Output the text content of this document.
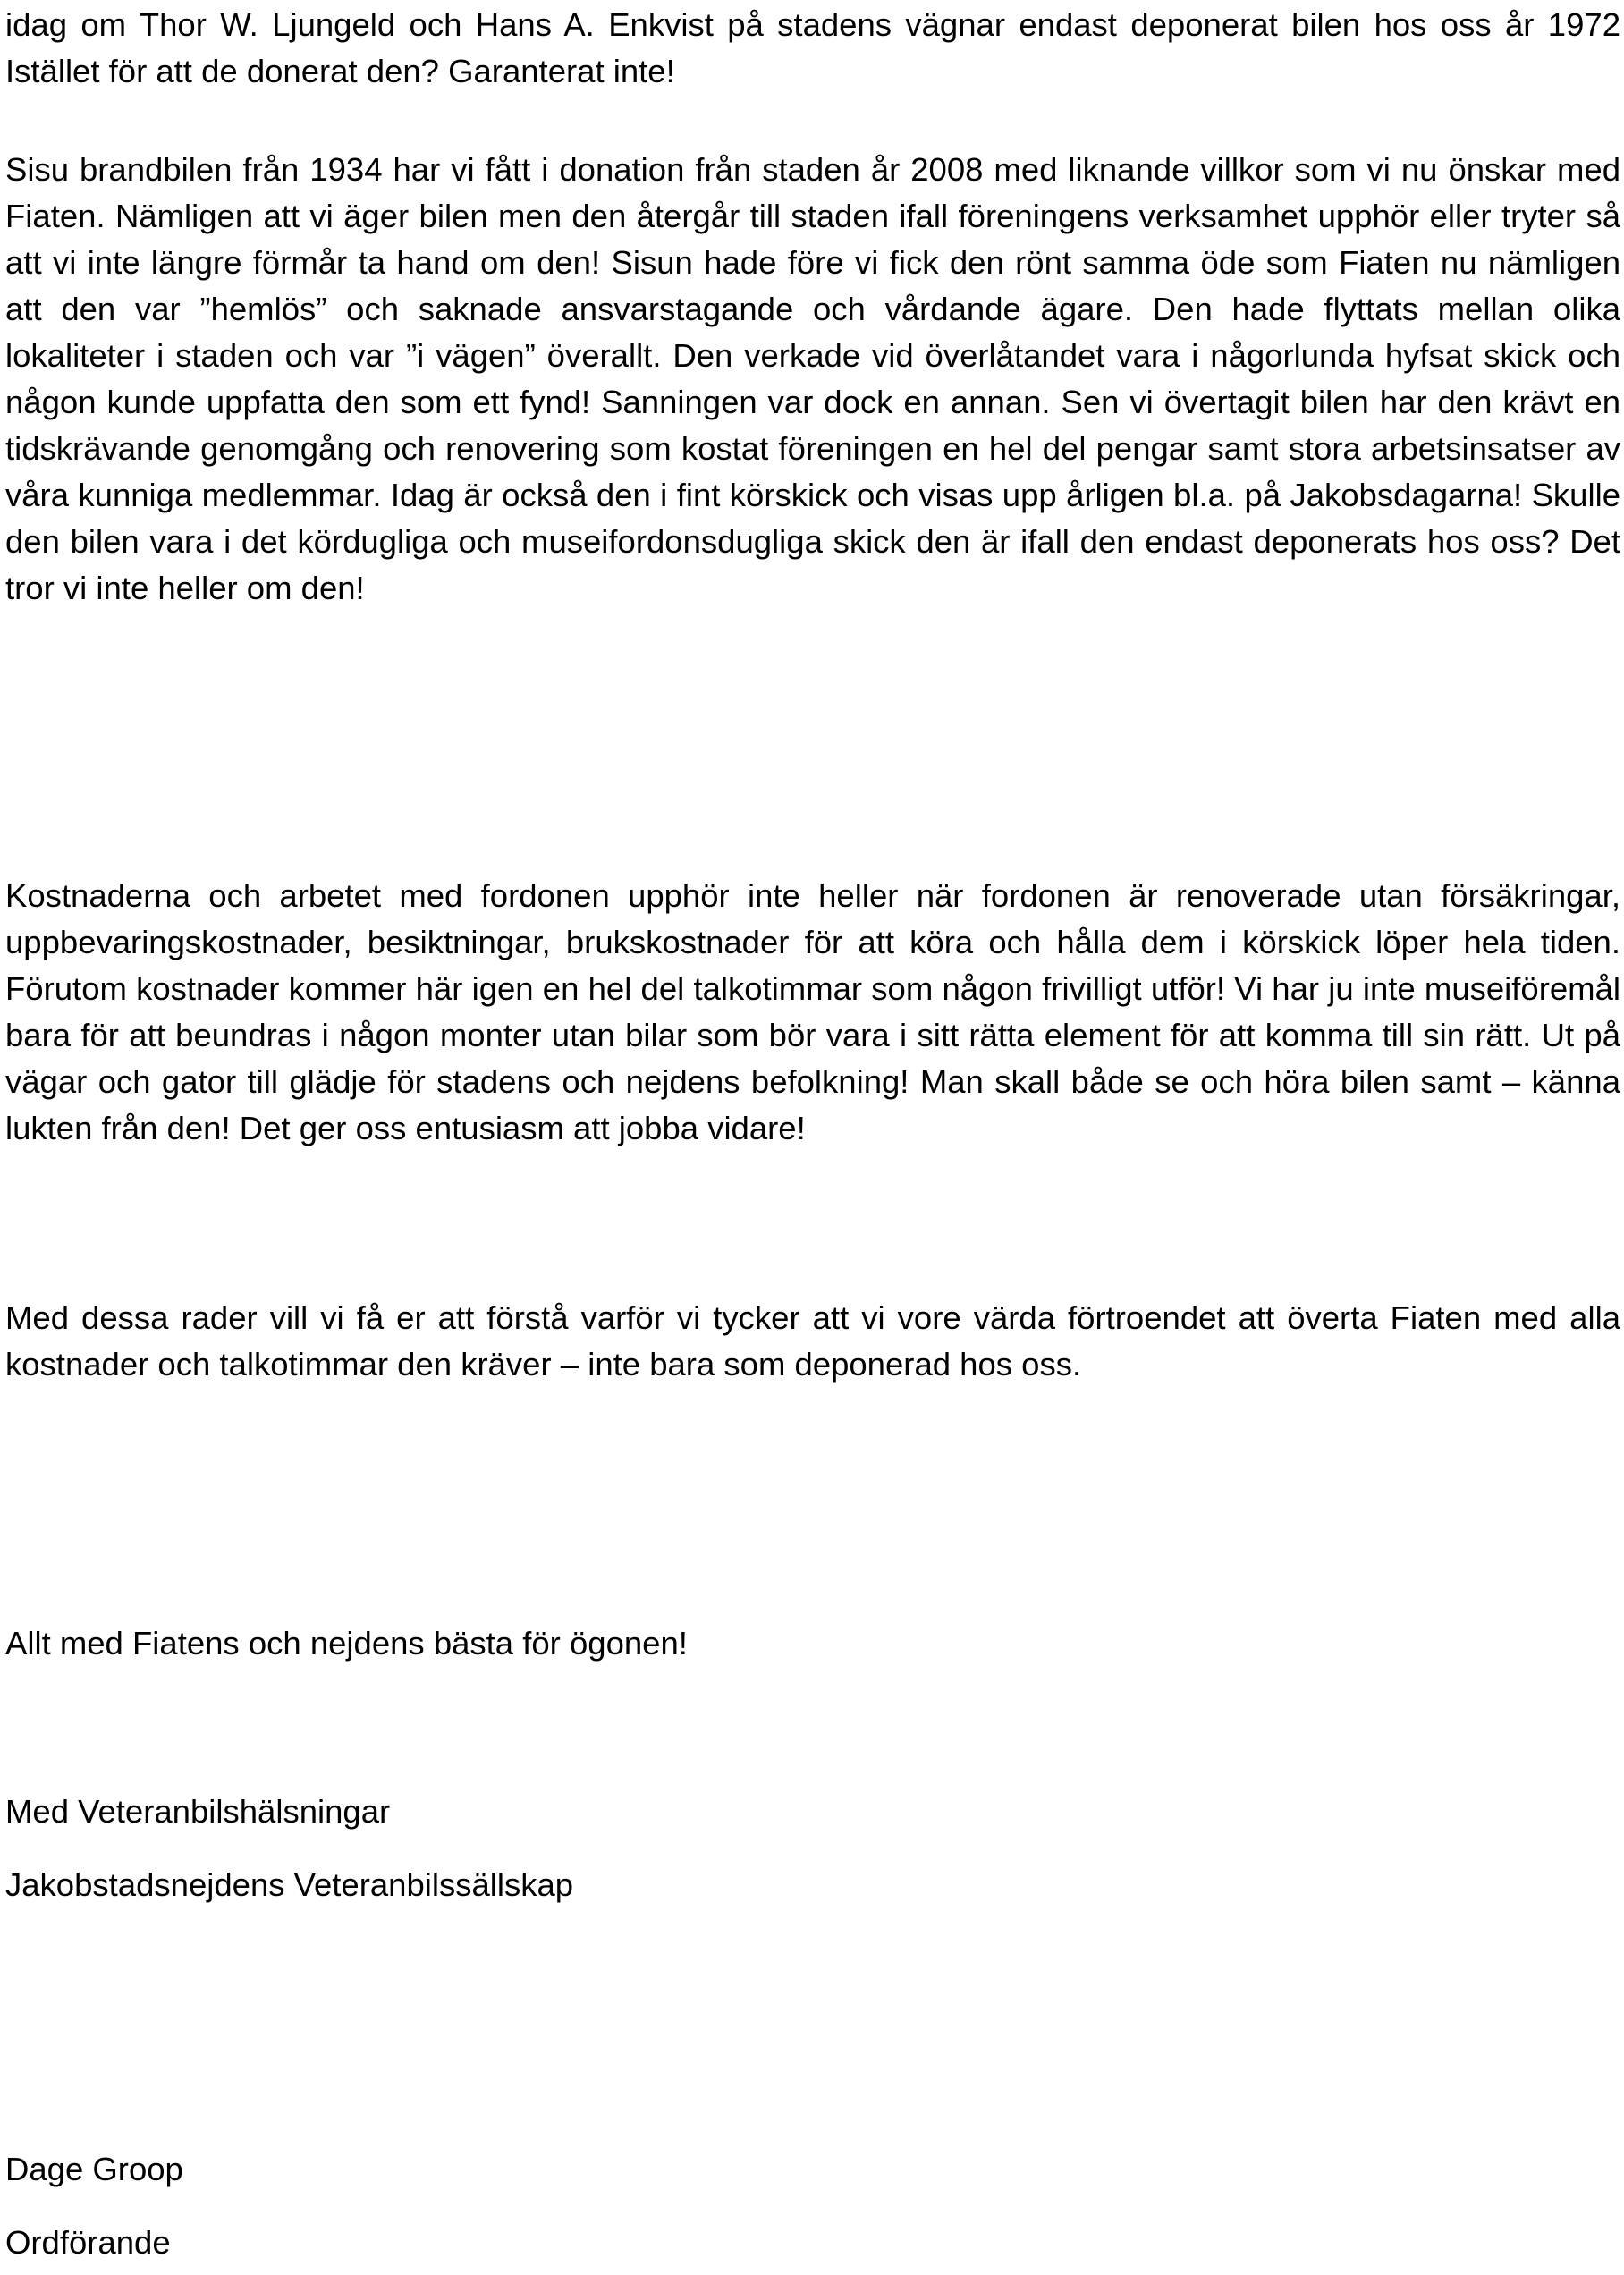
idag om Thor W. Ljungeld och Hans A. Enkvist på stadens vägnar endast deponerat bilen hos oss år 1972 Istället för att de donerat den? Garanterat inte!

Sisu brandbilen från 1934 har vi fått i donation från staden år 2008 med liknande villkor som vi nu önskar med Fiaten. Nämligen att vi äger bilen men den återgår till staden ifall föreningens verksamhet upphör eller tryter så att vi inte längre förmår ta hand om den! Sisun hade före vi fick den rönt samma öde som Fiaten nu nämligen att den var ”hemlös” och saknade ansvarstagande och vårdande ägare. Den hade flyttats mellan olika lokaliteter i staden och var ”i vägen” överallt. Den verkade vid överlåtandet vara i någorlunda hyfsat skick och någon kunde uppfatta den som ett fynd! Sanningen var dock en annan. Sen vi övertagit bilen har den krävt en tidskrävande genomgång och renovering som kostat föreningen en hel del pengar samt stora arbetsinsatser av våra kunniga medlemmar. Idag är också den i fint körskick och visas upp årligen bl.a. på Jakobsdagarna! Skulle den bilen vara i det kördugliga och museifordonsdugliga skick den är ifall den endast deponerats hos oss? Det tror vi inte heller om den!

Kostnaderna och arbetet med fordonen upphör inte heller när fordonen är renoverade utan försäkringar, uppbevaringskostnader, besiktningar, brukskostnader för att köra och hålla dem i körskick löper hela tiden. Förutom kostnader kommer här igen en hel del talkotimmar som någon frivilligt utför! Vi har ju inte museiföremål bara för att beundras i någon monter utan bilar som bör vara i sitt rätta element för att komma till sin rätt. Ut på vägar och gator till glädje för stadens och nejdens befolkning! Man skall både se och höra bilen samt – känna lukten från den! Det ger oss entusiasm att jobba vidare!

Med dessa rader vill vi få er att förstå varför vi tycker att vi vore värda förtroendet att överta Fiaten med alla kostnader och talkotimmar den kräver – inte bara som deponerad hos oss.

Allt med Fiatens och nejdens bästa för ögonen!

Med Veteranbilshälsningar

Jakobstadsnejdens Veteranbilssällskap

Dage Groop

Ordförande
